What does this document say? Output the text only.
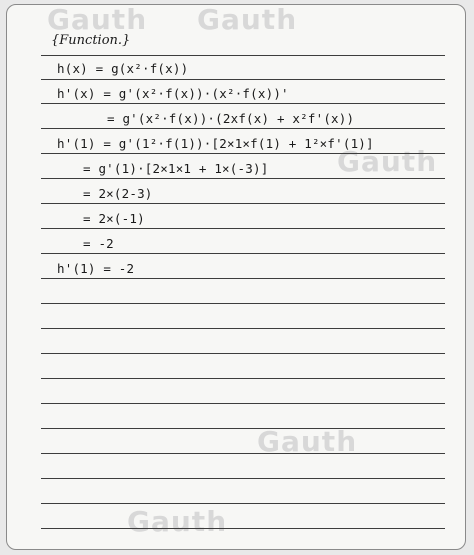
Gauth Gauth
Gauth
Gauth
Gauth
{Function.}
h(x) = g(x²·f(x))
h'(x) = g'(x²·f(x))·(x²·f(x))'
= g'(x²·f(x))·(2xf(x) + x²f'(x))
h'(1) = g'(1²·f(1))·[2×1×f(1) + 1²×f'(1)]
= g'(1)·[2×1×1 + 1×(-3)]
= 2×(2-3)
= 2×(-1)
= -2
h'(1) = -2
